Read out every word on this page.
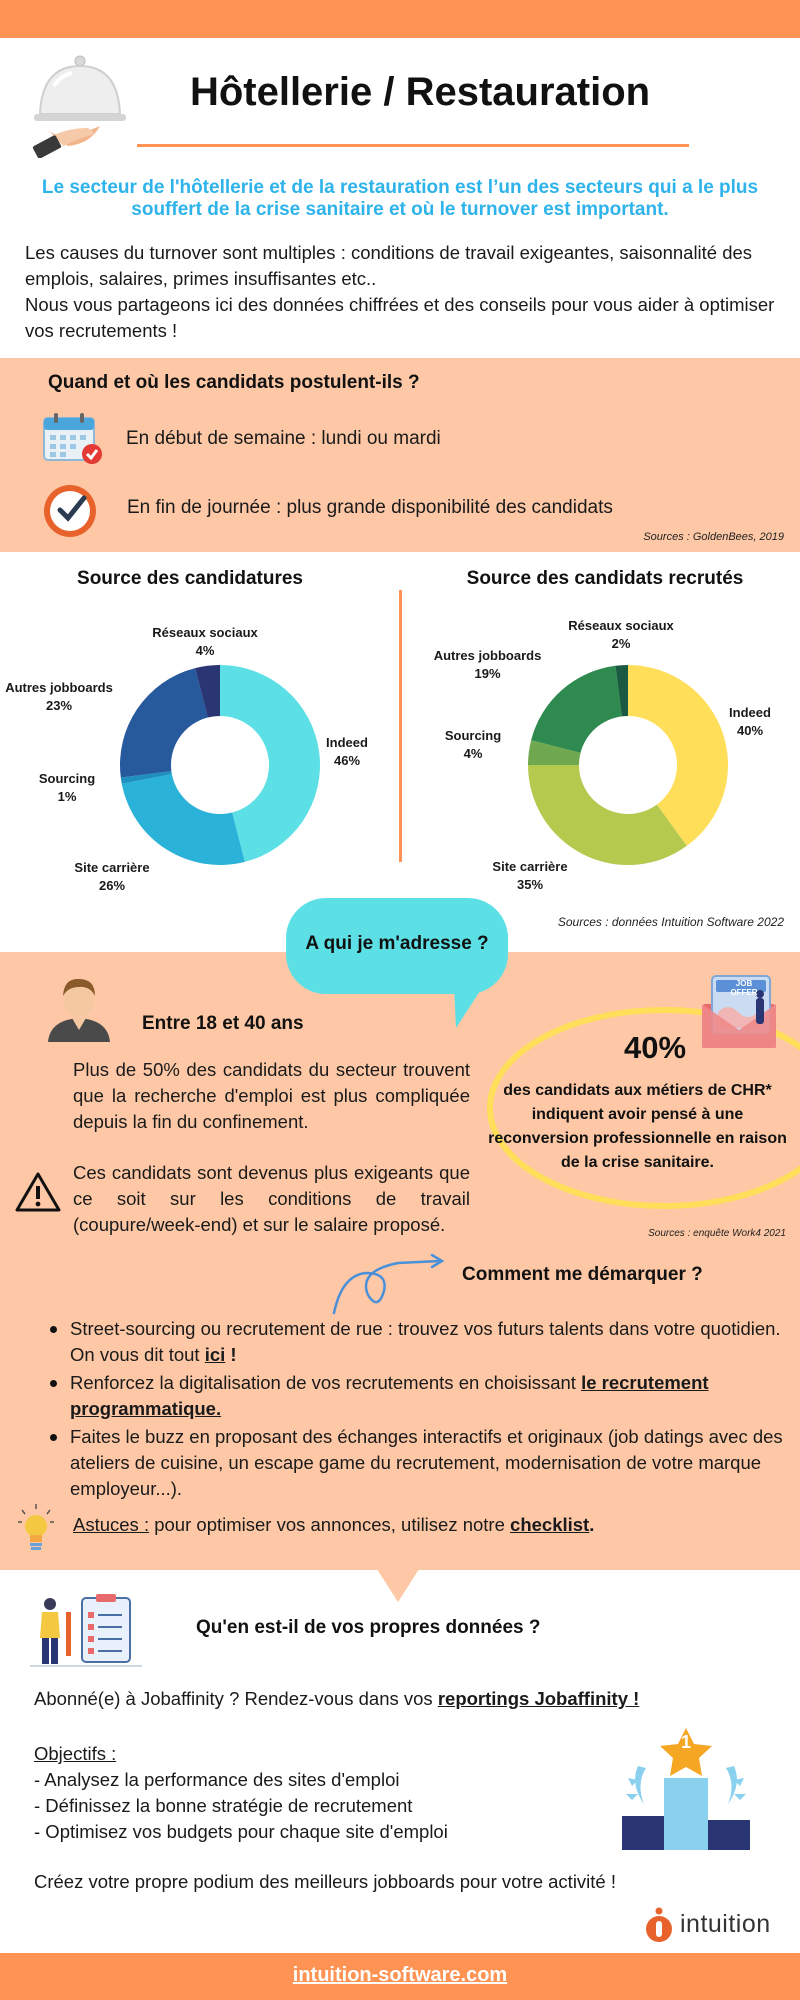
Hôtellerie / Restauration
Le secteur de l'hôtellerie et de la restauration est l’un des secteurs qui a le plus souffert de la crise sanitaire et où le turnover est important.
Les causes du turnover sont multiples : conditions de travail exigeantes, saisonnalité des emplois, salaires, primes insuffisantes etc..
Nous vous partageons ici des données chiffrées et des conseils pour vous aider à optimiser vos recrutements !
Quand et où les candidats postulent-ils ?
En début de semaine : lundi ou mardi
En fin de journée : plus grande disponibilité des candidats
Sources : GoldenBees, 2019
Source des candidatures	Source des candidats recrutés
Réseaux sociaux
4%
Autres jobboards
23%
Sourcing
1%
Site carrière
26%
Indeed
46%
Réseaux sociaux
2%
Autres jobboards
19%
Sourcing
4%
Site carrière
35%
Indeed
40%
Sources : données Intuition Software 2022
A qui je m'adresse ?
Entre 18 et 40 ans
Plus de 50% des candidats du secteur trouvent que la recherche d'emploi est plus compliquée depuis la fin du confinement.
Ces candidats sont devenus plus exigeants que ce soit sur les conditions de travail (coupure/week-end) et sur le salaire proposé.
JOB OFFER
40%
des candidats aux métiers de CHR* indiquent avoir pensé à une reconversion professionnelle en raison de la crise sanitaire.
Sources : enquête Work4 2021
Comment me démarquer ?
Street-sourcing ou recrutement de rue : trouvez vos futurs talents dans votre quotidien. On vous dit tout ici !
Renforcez la digitalisation de vos recrutements en choisissant le recrutement programmatique.
Faites le buzz en proposant des échanges interactifs et originaux (job datings avec des ateliers de cuisine, un escape game du recrutement, modernisation de votre marque employeur...).
Astuces : pour optimiser vos annonces, utilisez notre checklist.
Qu'en est-il de vos propres données ?
Abonné(e) à Jobaffinity ? Rendez-vous dans vos reportings Jobaffinity !
Objectifs :
- Analysez la performance des sites d'emploi
- Définissez la bonne stratégie de recrutement
- Optimisez vos budgets pour chaque site d'emploi
1
Créez votre propre podium des meilleurs jobboards pour votre activité !
intuition
intuition-software.com
